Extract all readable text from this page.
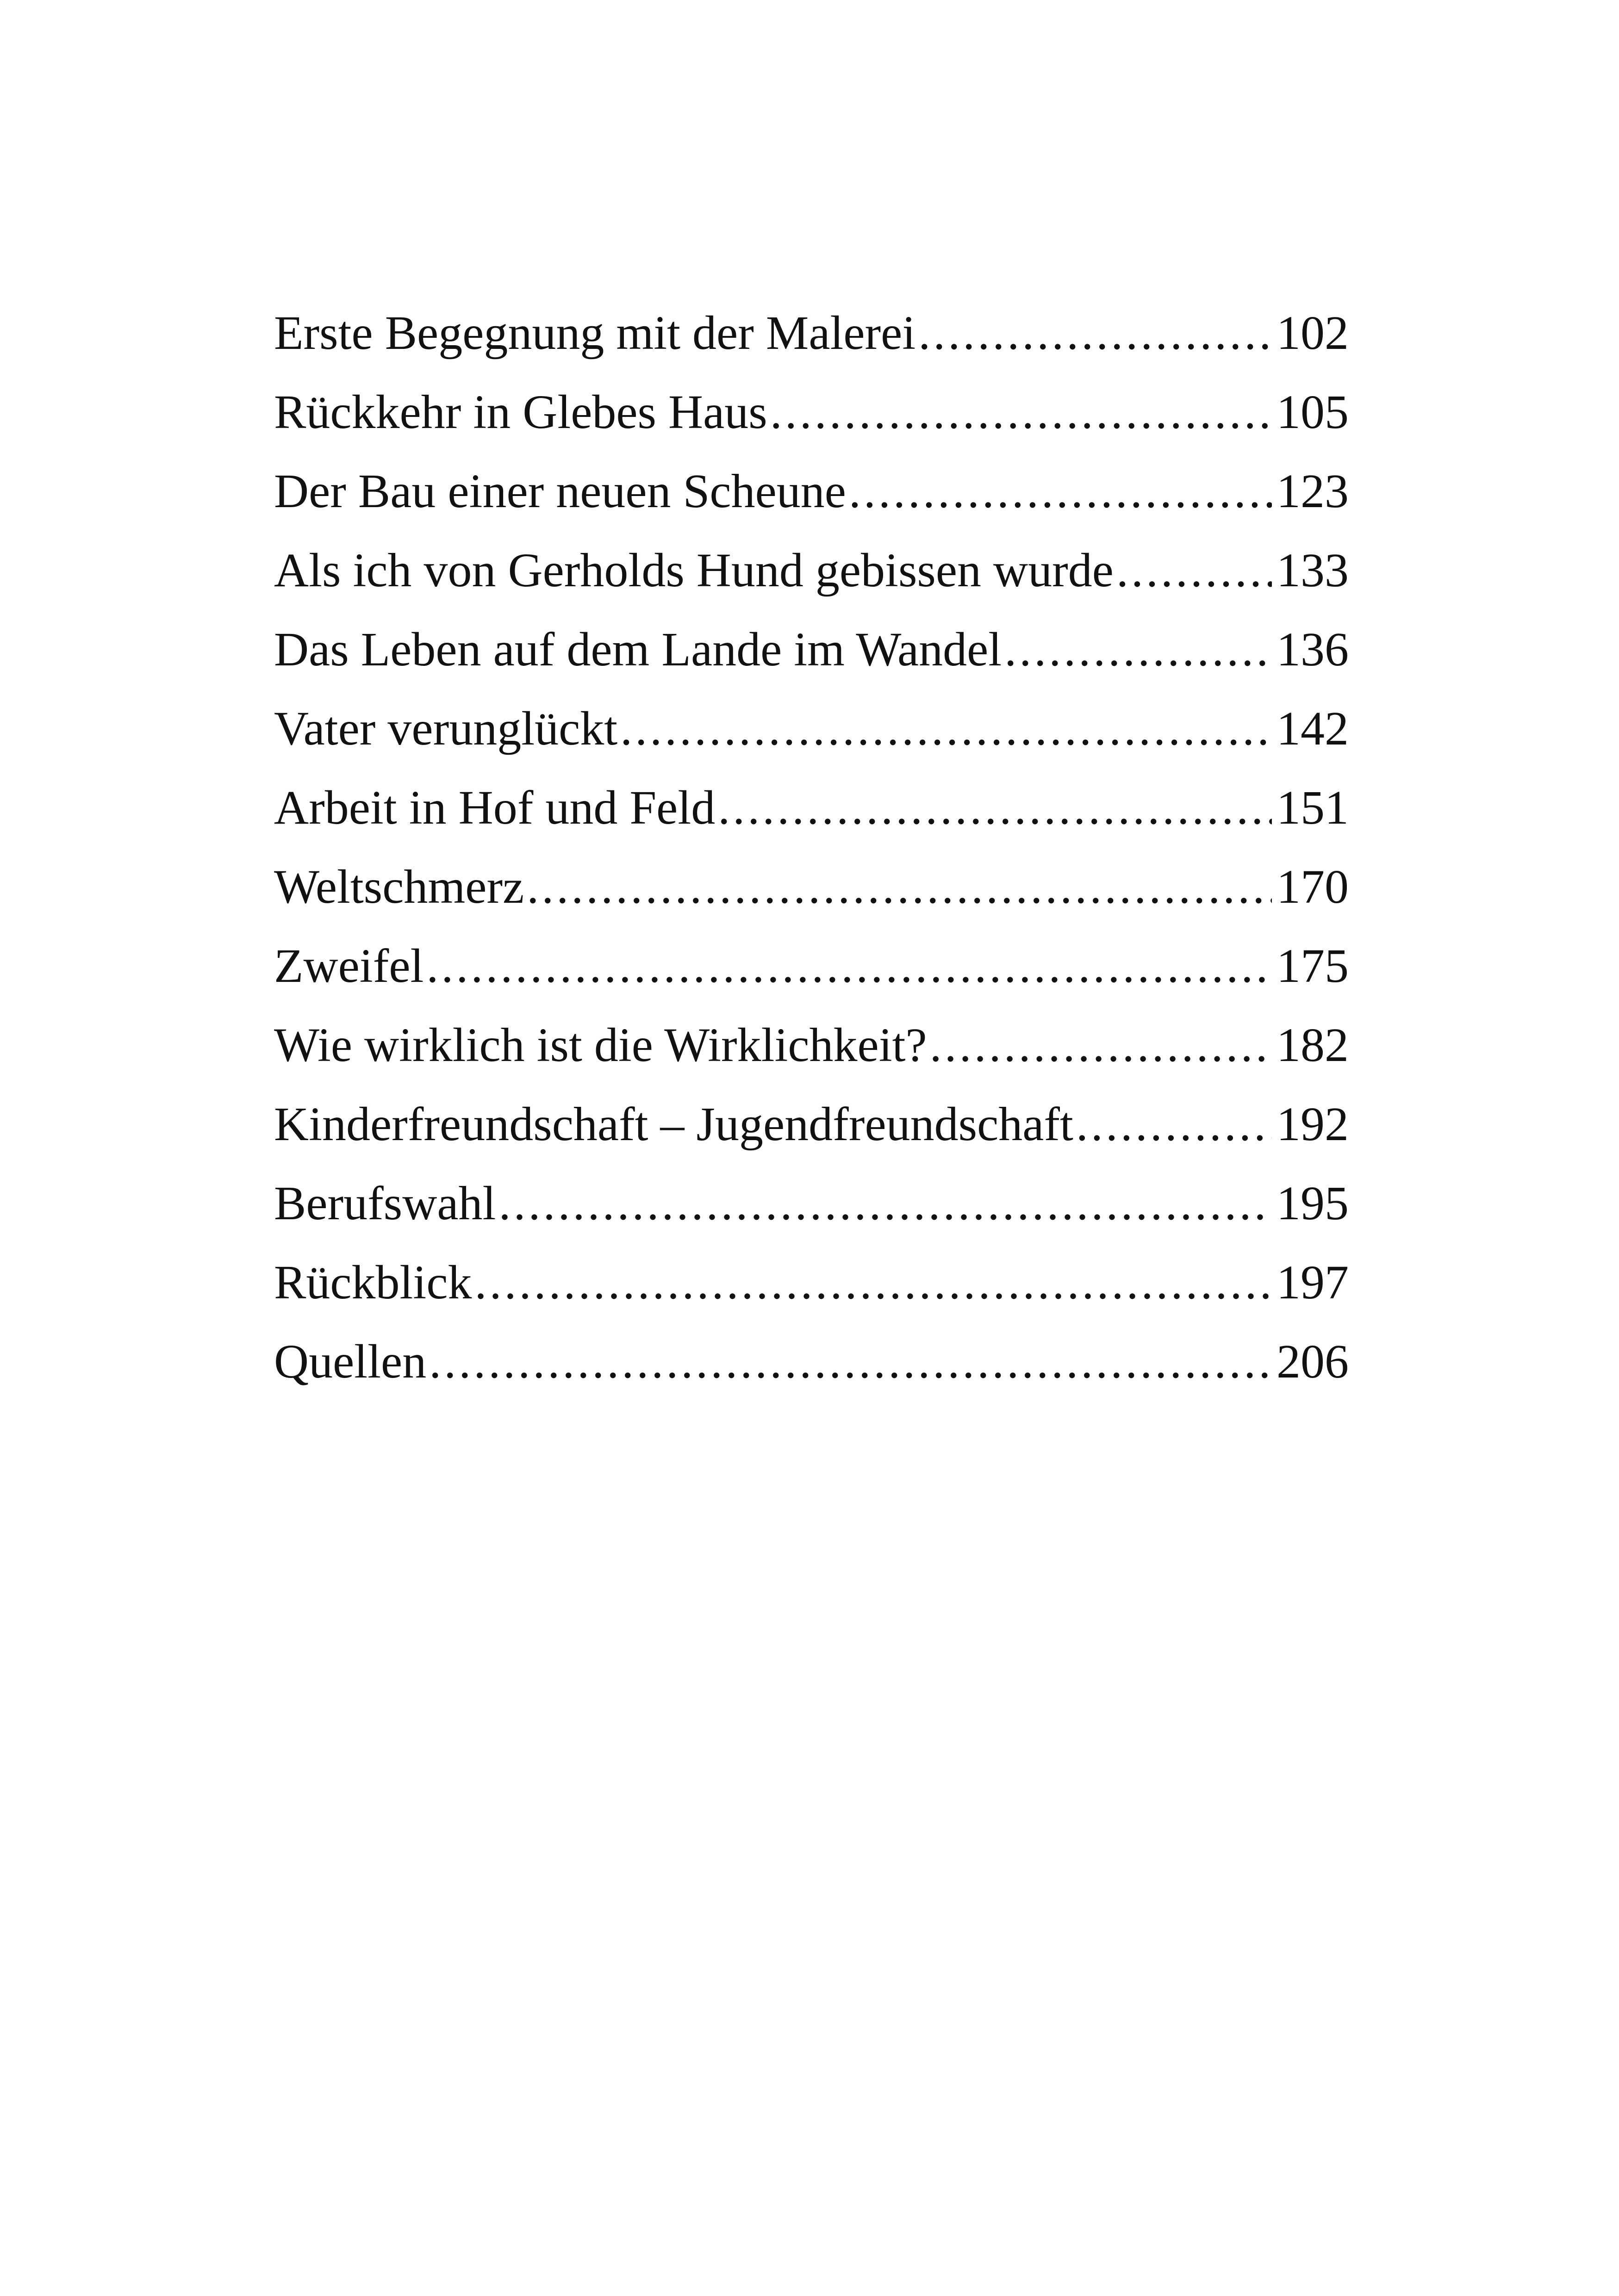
Erste Begegnung mit der Malerei .....	102
Rückkehr in Glebes Haus .....	105
Der Bau einer neuen Scheune .....	123
Als ich von Gerholds Hund gebissen wurde .....	133
Das Leben auf dem Lande im Wandel .....	136
Vater verunglückt .....	142
Arbeit in Hof und Feld .....	151
Weltschmerz .....	170
Zweifel .....	175
Wie wirklich ist die Wirklichkeit? .....	182
Kinderfreundschaft – Jugendfreundschaft .....	192
Berufswahl .....	195
Rückblick .....	197
Quellen .....	206
